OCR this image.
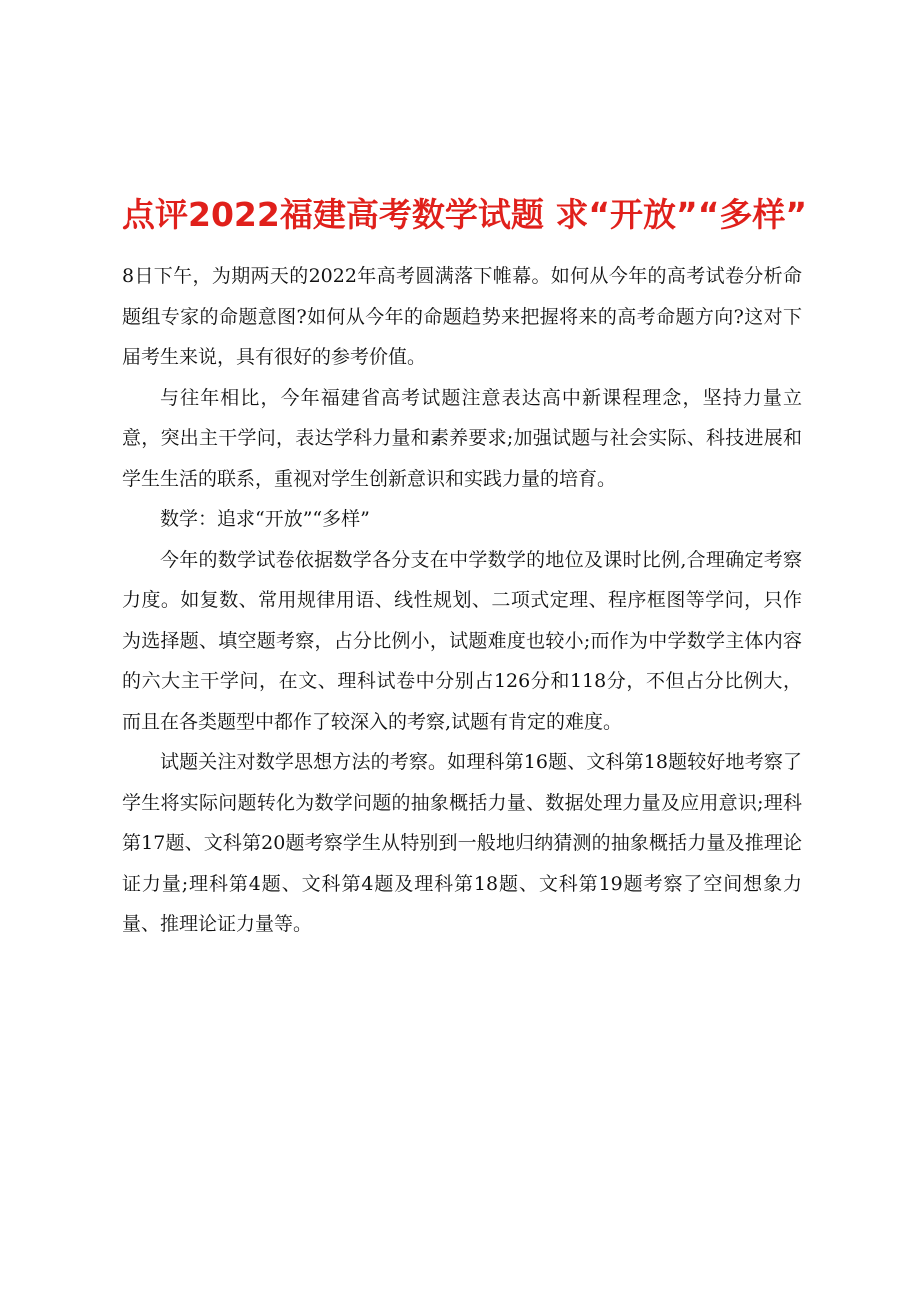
点评2022福建高考数学试题 求“开放”“多样”

8日下午，为期两天的2022年高考圆满落下帷幕。如何从今年的高考试卷分析命题组专家的命题意图?如何从今年的命题趋势来把握将来的高考命题方向?这对下届考生来说，具有很好的参考价值。

与往年相比，今年福建省高考试题注意表达高中新课程理念，坚持力量立意，突出主干学问，表达学科力量和素养要求;加强试题与社会实际、科技进展和学生生活的联系，重视对学生创新意识和实践力量的培育。

数学：追求“开放”“多样”

今年的数学试卷依据数学各分支在中学数学的地位及课时比例,合理确定考察力度。如复数、常用规律用语、线性规划、二项式定理、程序框图等学问，只作为选择题、填空题考察，占分比例小，试题难度也较小;而作为中学数学主体内容的六大主干学问，在文、理科试卷中分别占126分和118分，不但占分比例大，而且在各类题型中都作了较深入的考察,试题有肯定的难度。

试题关注对数学思想方法的考察。如理科第16题、文科第18题较好地考察了学生将实际问题转化为数学问题的抽象概括力量、数据处理力量及应用意识;理科第17题、文科第20题考察学生从特别到一般地归纳猜测的抽象概括力量及推理论证力量;理科第4题、文科第4题及理科第18题、文科第19题考察了空间想象力量、推理论证力量等。
